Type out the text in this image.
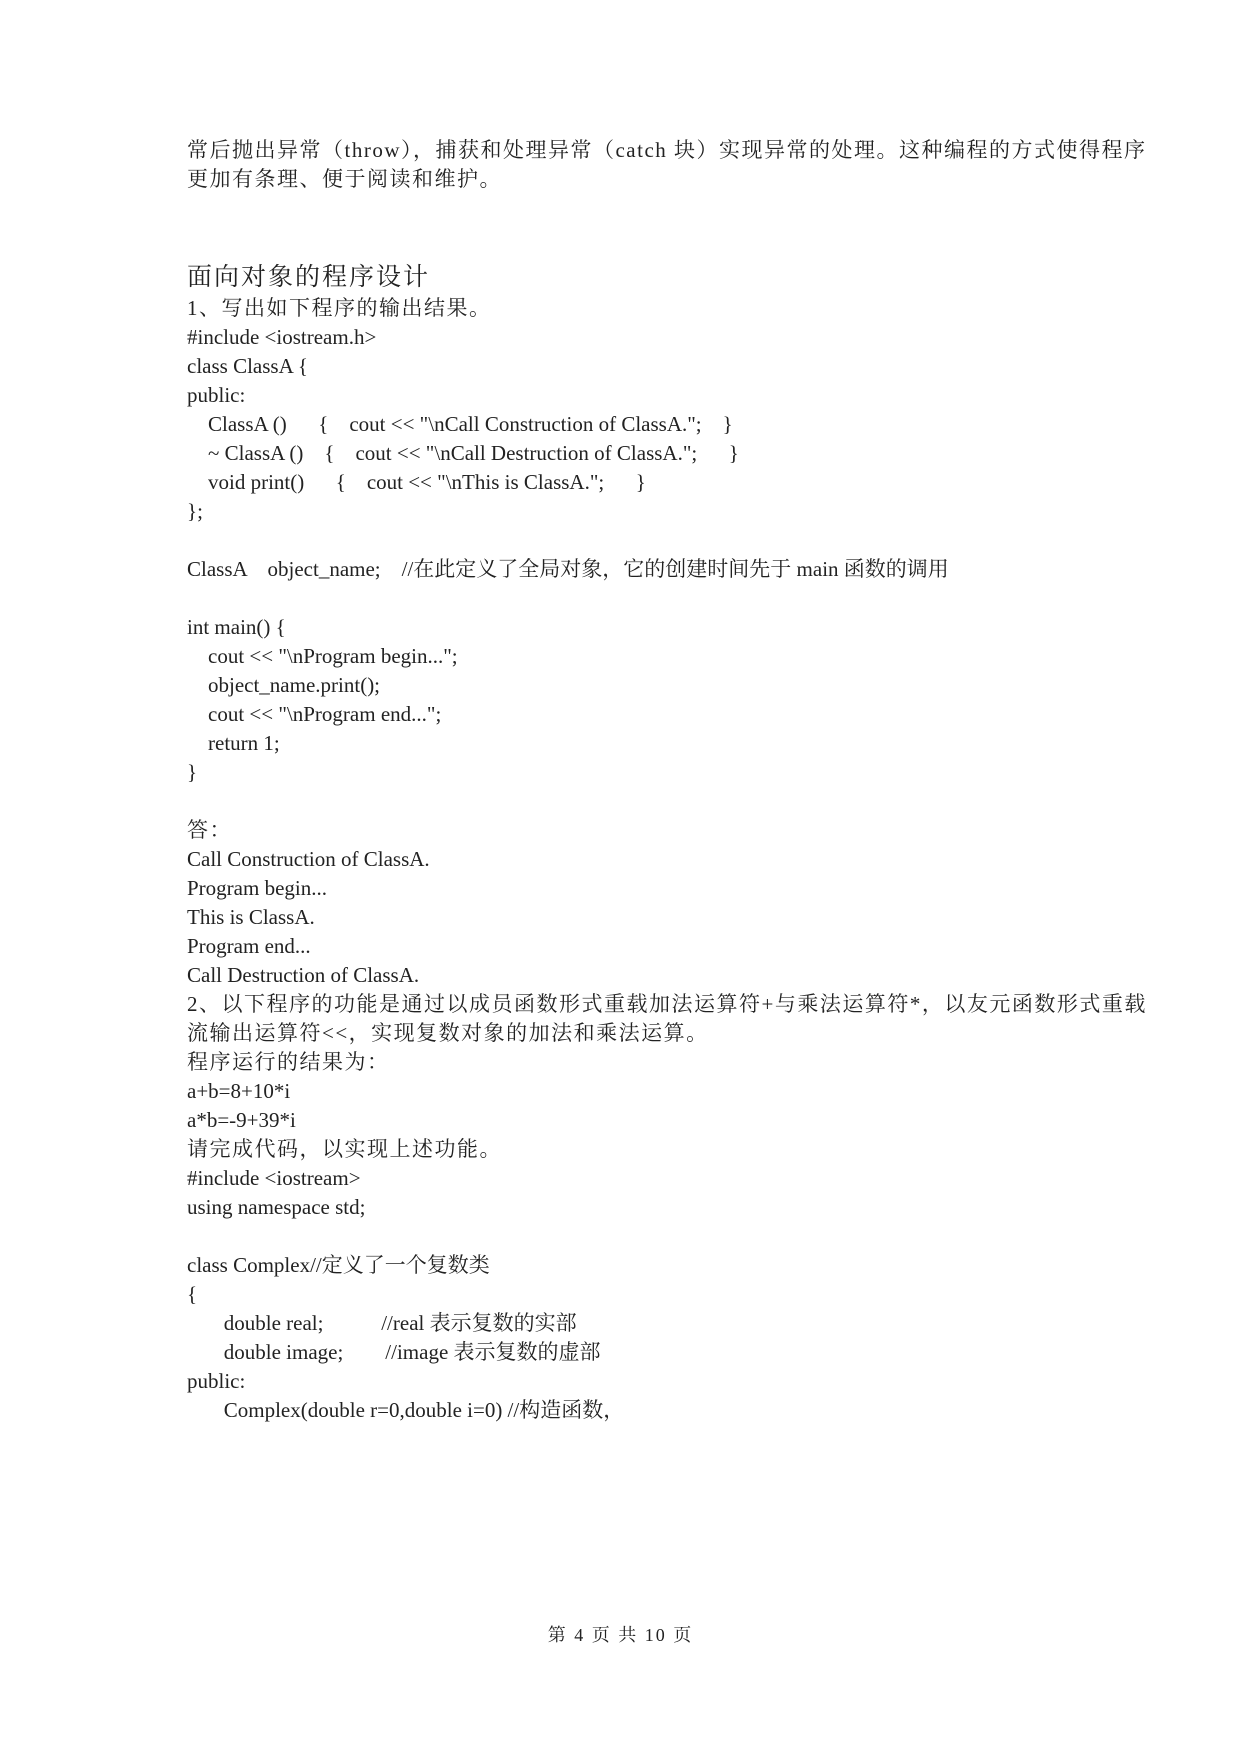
常后抛出异常（throw），捕获和处理异常（catch 块）实现异常的处理。这种编程的方式使得程序
更加有条理、便于阅读和维护。
面向对象的程序设计
1、写出如下程序的输出结果。
#include <iostream.h>
class ClassA {
public:
ClassA ()      {    cout << "\nCall Construction of ClassA.";    }
~ ClassA ()    {    cout << "\nCall Destruction of ClassA.";      }
void print()      {    cout << "\nThis is ClassA.";      }
};
ClassA    object_name;    //在此定义了全局对象，它的创建时间先于 main 函数的调用
int main() {
cout << "\nProgram begin...";
object_name.print();
cout << "\nProgram end...";
return 1;
}
答：
Call Construction of ClassA.
Program begin...
This is ClassA.
Program end...
Call Destruction of ClassA.
2、以下程序的功能是通过以成员函数形式重载加法运算符+与乘法运算符*，以友元函数形式重载
流输出运算符<<，实现复数对象的加法和乘法运算。
程序运行的结果为：
a+b=8+10*i
a*b=-9+39*i
请完成代码，以实现上述功能。
#include <iostream>
using namespace std;
class Complex//定义了一个复数类
{
double real;           //real 表示复数的实部
double image;        //image 表示复数的虚部
public:
Complex(double r=0,double i=0) //构造函数，
第 4 页 共 10 页
